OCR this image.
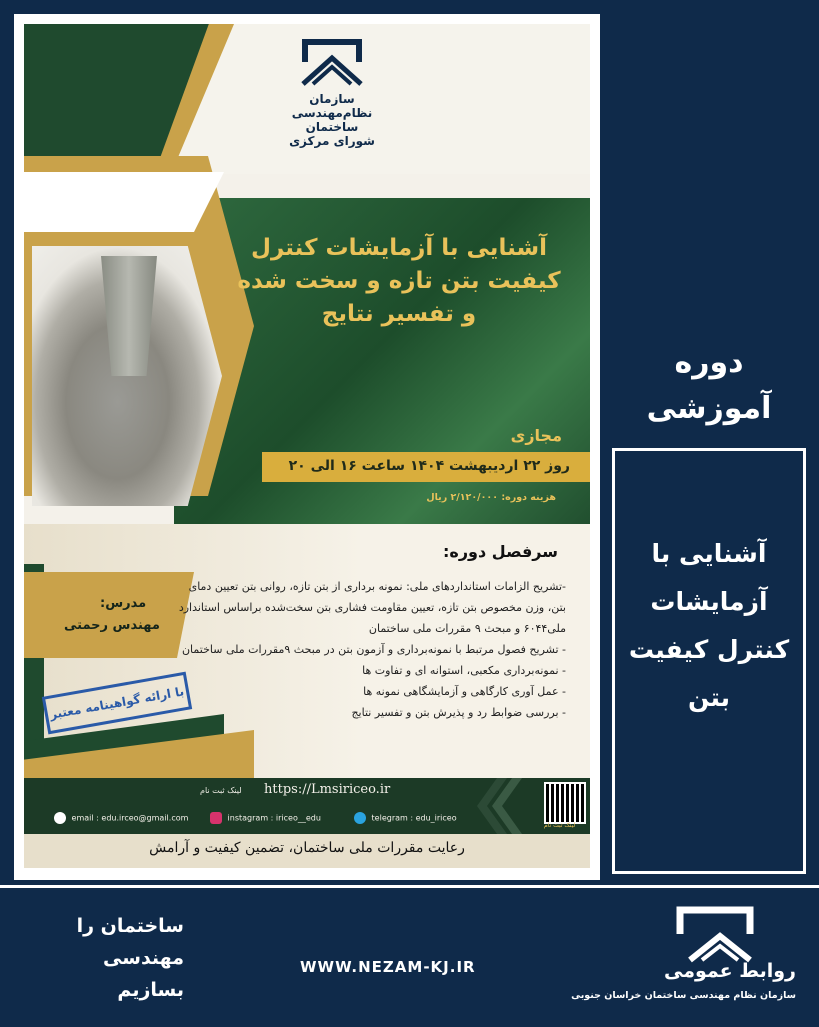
سازمان نظام‌مهندسی ساختمان
شورای مرکزی
آشنایی با آزمایشات کنترل
کیفیت بتن تازه و سخت شده
و تفسیر نتایج
مجازی
روز ۲۲ اردیبهشت ۱۴۰۴ ساعت ۱۶ الی ۲۰
هزینه دوره: ۲/۱۲۰/۰۰۰ ریال
مدرس:
مهندس رحمتی
با ارائه گواهینامه معتبر
سرفصل دوره:
-تشریح الزامات استانداردهای ملی: نمونه برداری از بتن تازه، روانی بتن تعیین دمای بتن، وزن مخصوص بتن تازه، تعیین مقاومت فشاری بتن سخت‌شده براساس استاندارد ملی۶۰۴۴ و مبحث ۹ مقررات ملی ساختمان
- تشریح فصول مرتبط با نمونه‌برداری و آزمون بتن در مبحث ۹مقررات ملی ساختمان
- نمونه‌برداری مکعبی، استوانه ای و تفاوت ها
- عمل آوری کارگاهی و آزمایشگاهی نمونه ها
- بررسی ضوابط رد و پذیرش بتن و تفسیر نتایج
لینک ثبت نام https://Lmsiriceo.ir
لینک ثبت نام
email : edu.irceo@gmail.com	instagram : iriceo__edu	telegram : edu_iriceo
رعایت مقررات ملی ساختمان، تضمین کیفیت و آرامش
دوره
آموزشی
آشنایی با
آزمایشات
کنترل کیفیت
بتن
ساختمان را
مهندسی
بسازیم
WWW.NEZAM-KJ.IR	روابط عمومی
سازمان نظام مهندسی ساختمان خراسان جنوبی
